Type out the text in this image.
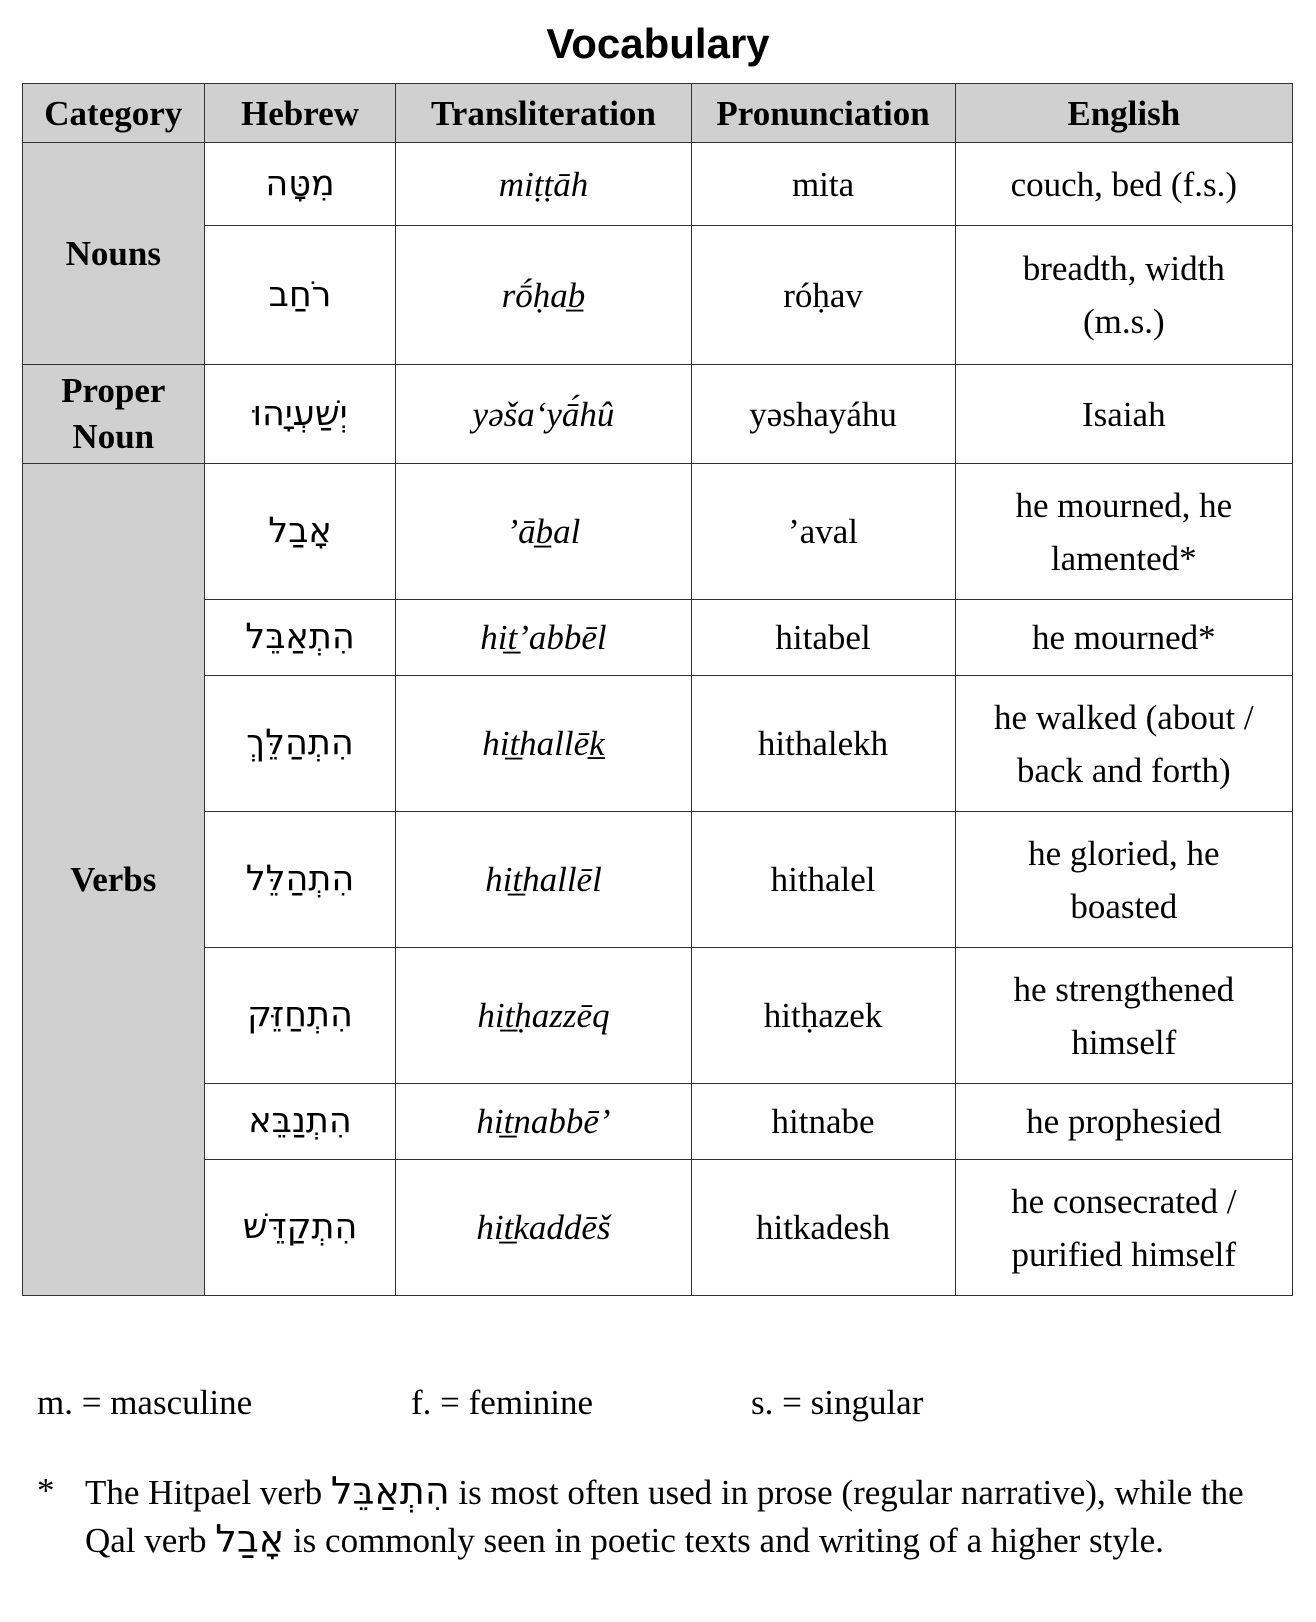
Vocabulary
Category	Hebrew	Transliteration	Pronunciation	English
Nouns	מִטָּה	miṭṭāh	mita	couch, bed (f.s.)
	רֹחַב	rṓḥab̲	róḥav	breadth, width (m.s.)
Proper Noun	יְשַׁעְיָהוּ	yəša‘yā́hû	yəshayáhu	Isaiah
Verbs	אָבַל	’āb̲al	’aval	he mourned, he lamented*
	הִתְאַבֵּל	hit̲’abbēl	hitabel	he mourned*
	הִתְהַלֵּךְ	hit̲hallēk̲	hithalekh	he walked (about / back and forth)
	הִתְהַלֵּל	hit̲hallēl	hithalel	he gloried, he boasted
	הִתְחַזֵּק	hit̲ḥazzēq	hitḥazek	he strengthened himself
	הִתְנַבֵּא	hit̲nabbē’	hitnabe	he prophesied
	הִתְקַדֵּשׁ	hit̲kaddēš	hitkadesh	he consecrated / purified himself
m. = masculine	f. = feminine	s. = singular
* The Hitpael verb הִתְאַבֵּל is most often used in prose (regular narrative), while the Qal verb אָבַל is commonly seen in poetic texts and writing of a higher style.
